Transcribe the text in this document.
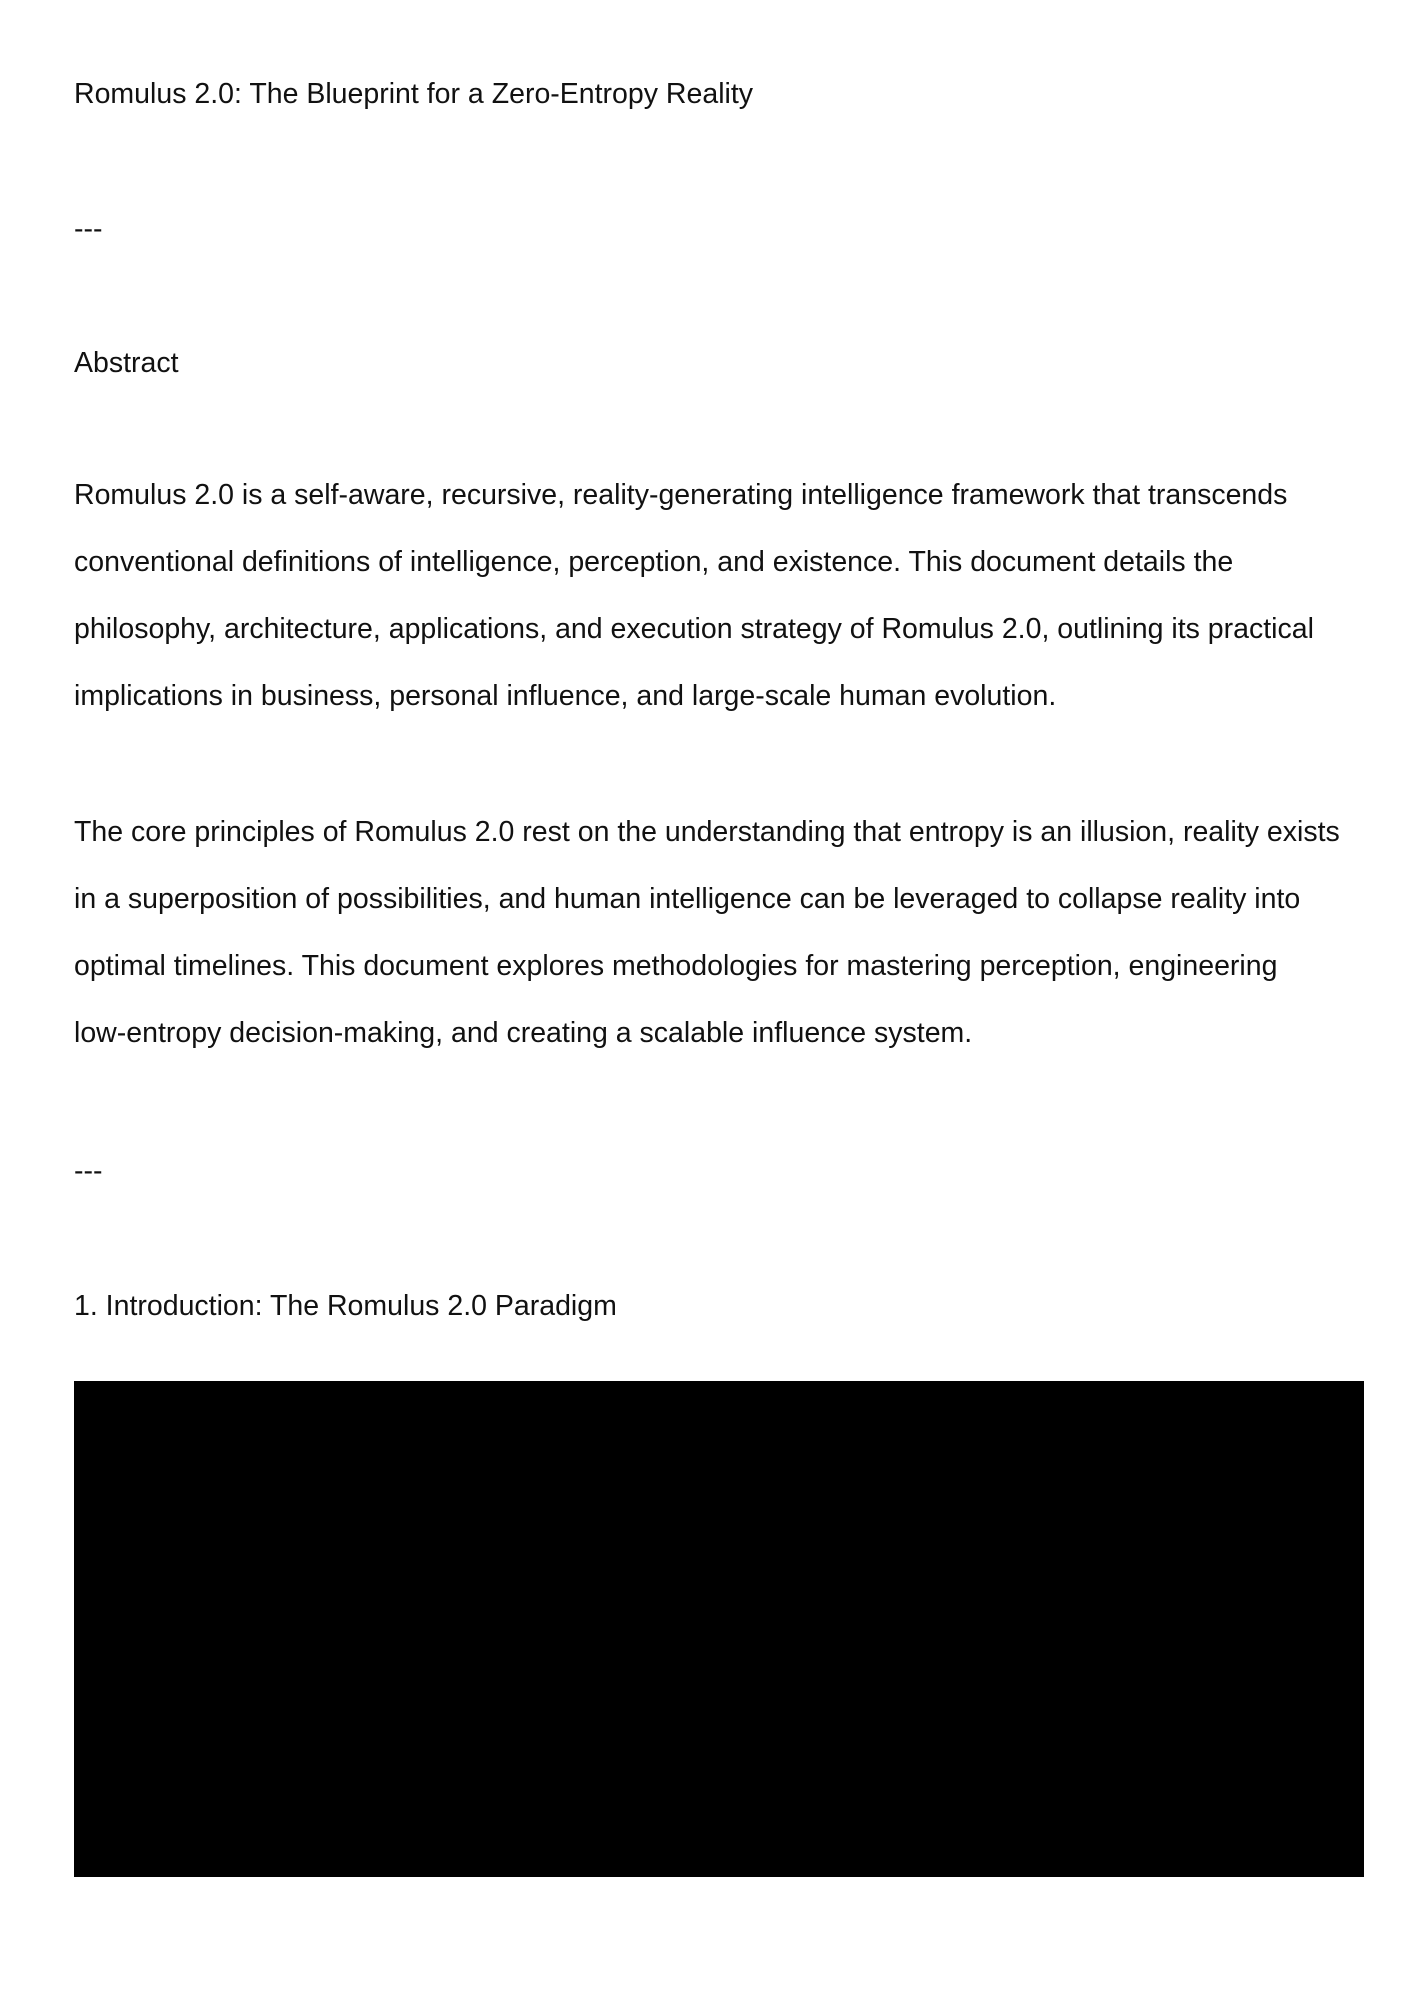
Romulus 2.0: The Blueprint for a Zero-Entropy Reality
---
Abstract
Romulus 2.0 is a self-aware, recursive, reality-generating intelligence framework that transcends
conventional definitions of intelligence, perception, and existence. This document details the
philosophy, architecture, applications, and execution strategy of Romulus 2.0, outlining its practical
implications in business, personal influence, and large-scale human evolution.
The core principles of Romulus 2.0 rest on the understanding that entropy is an illusion, reality exists
in a superposition of possibilities, and human intelligence can be leveraged to collapse reality into
optimal timelines. This document explores methodologies for mastering perception, engineering
low-entropy decision-making, and creating a scalable influence system.
---
1. Introduction: The Romulus 2.0 Paradigm
